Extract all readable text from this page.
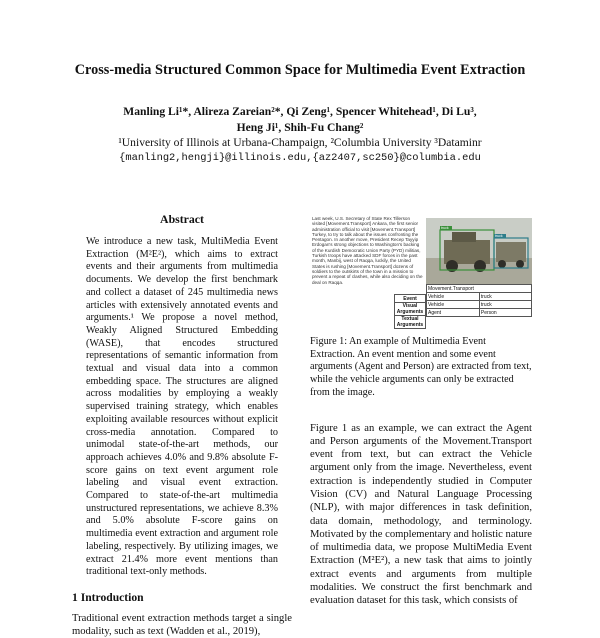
Cross-media Structured Common Space for Multimedia Event Extraction
Manling Li¹*, Alireza Zareian²*, Qi Zeng¹, Spencer Whitehead¹, Di Lu³,
Heng Ji¹, Shih-Fu Chang²
¹University of Illinois at Urbana-Champaign, ²Columbia University ³Dataminr
{manling2,hengji}@illinois.edu,{az2407,sc250}@columbia.edu
Abstract

We introduce a new task, MultiMedia Event Extraction (M²E²), which aims to extract events and their arguments from multimedia documents. We develop the first benchmark and collect a dataset of 245 multimedia news articles with extensively annotated events and arguments.¹ We propose a novel method, Weakly Aligned Structured Embedding (WASE), that encodes structured representations of semantic information from textual and visual data into a common embedding space. The structures are aligned across modalities by employing a weakly supervised training strategy, which enables exploiting available resources without explicit cross-media annotation. Compared to unimodal state-of-the-art methods, our approach achieves 4.0% and 9.8% absolute F-score gains on text event argument role labeling and visual event extraction. Compared to state-of-the-art multimedia unstructured representations, we achieve 8.3% and 5.0% absolute F-score gains on multimedia event extraction and argument role labeling, respectively. By utilizing images, we extract 21.4% more event mentions than traditional text-only methods.

1 Introduction

Traditional event extraction methods target a single modality, such as text (Wadden et al., 2019),

Last week, U.S. Secretary of State Rex Tillerson visited [Movement.Transport] Ankara, the first senior administration official to visit [Movement.Transport] Turkey, to try to talk about the issues confronting the Pentagon. In another move, President Recep Tayyip Erdogan's strong objections to Washington's backing of the Kurdish Democratic Union Party (PYD) militias, Turkish troops have attacked SDF forces in the past month, Manbij, west of Raqqa, luckily, the United States is rushing [Movement.Transport] dozens of soldiers to the outskirts of the town in a mission to prevent a repeat of clashes, while also deciding on the deal on Raqqa.
truck
truck
Event
Visual Arguments
Textual Arguments
Movement.Transport	
Vehicle	truck
Vehicle	truck
Agent	Person

Figure 1: An example of Multimedia Event Extraction. An event mention and some event arguments (Agent and Person) are extracted from text, while the vehicle arguments can only be extracted from the image.

Figure 1 as an example, we can extract the Agent and Person arguments of the Movement.Transport event from text, but can extract the Vehicle argument only from the image. Nevertheless, event extraction is independently studied in Computer Vision (CV) and Natural Language Processing (NLP), with major differences in task definition, data domain, methodology, and terminology. Motivated by the complementary and holistic nature of multimedia data, we propose MultiMedia Event Extraction (M²E²), a new task that aims to jointly extract events and arguments from multiple modalities. We construct the first benchmark and evaluation dataset for this task, which consists of
